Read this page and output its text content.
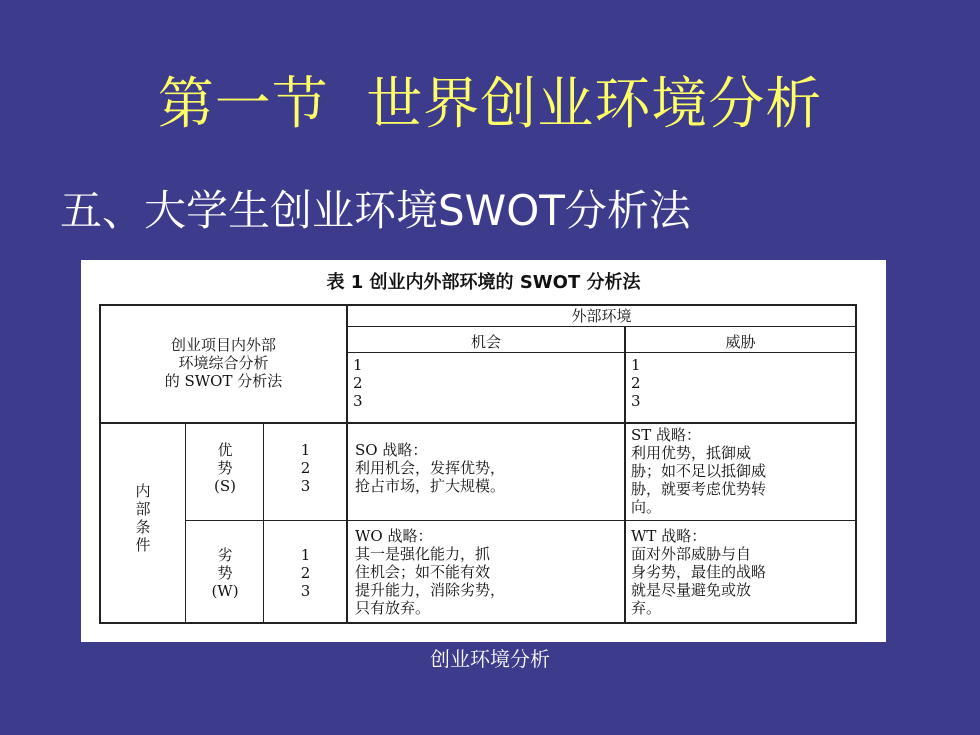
第一节  世界创业环境分析
五、大学生创业环境SWOT分析法
表 1 创业内外部环境的 SWOT 分析法
创业项目内外部
环境综合分析
的 SWOT 分析法
外部环境
机会	威胁
1
2
3
1
2
3
内
部
条
件
优
势
(S)
1
2
3
劣
势
(W)
1
2
3
SO 战略：
利用机会，发挥优势，
抢占市场，扩大规模。
ST 战略：
利用优势，抵御威
胁；如不足以抵御威
胁，就要考虑优势转
向。
WO 战略：
其一是强化能力，抓
住机会；如不能有效
提升能力，消除劣势，
只有放弃。
WT 战略：
面对外部威胁与自
身劣势，最佳的战略
就是尽量避免或放
弃。
创业环境分析
